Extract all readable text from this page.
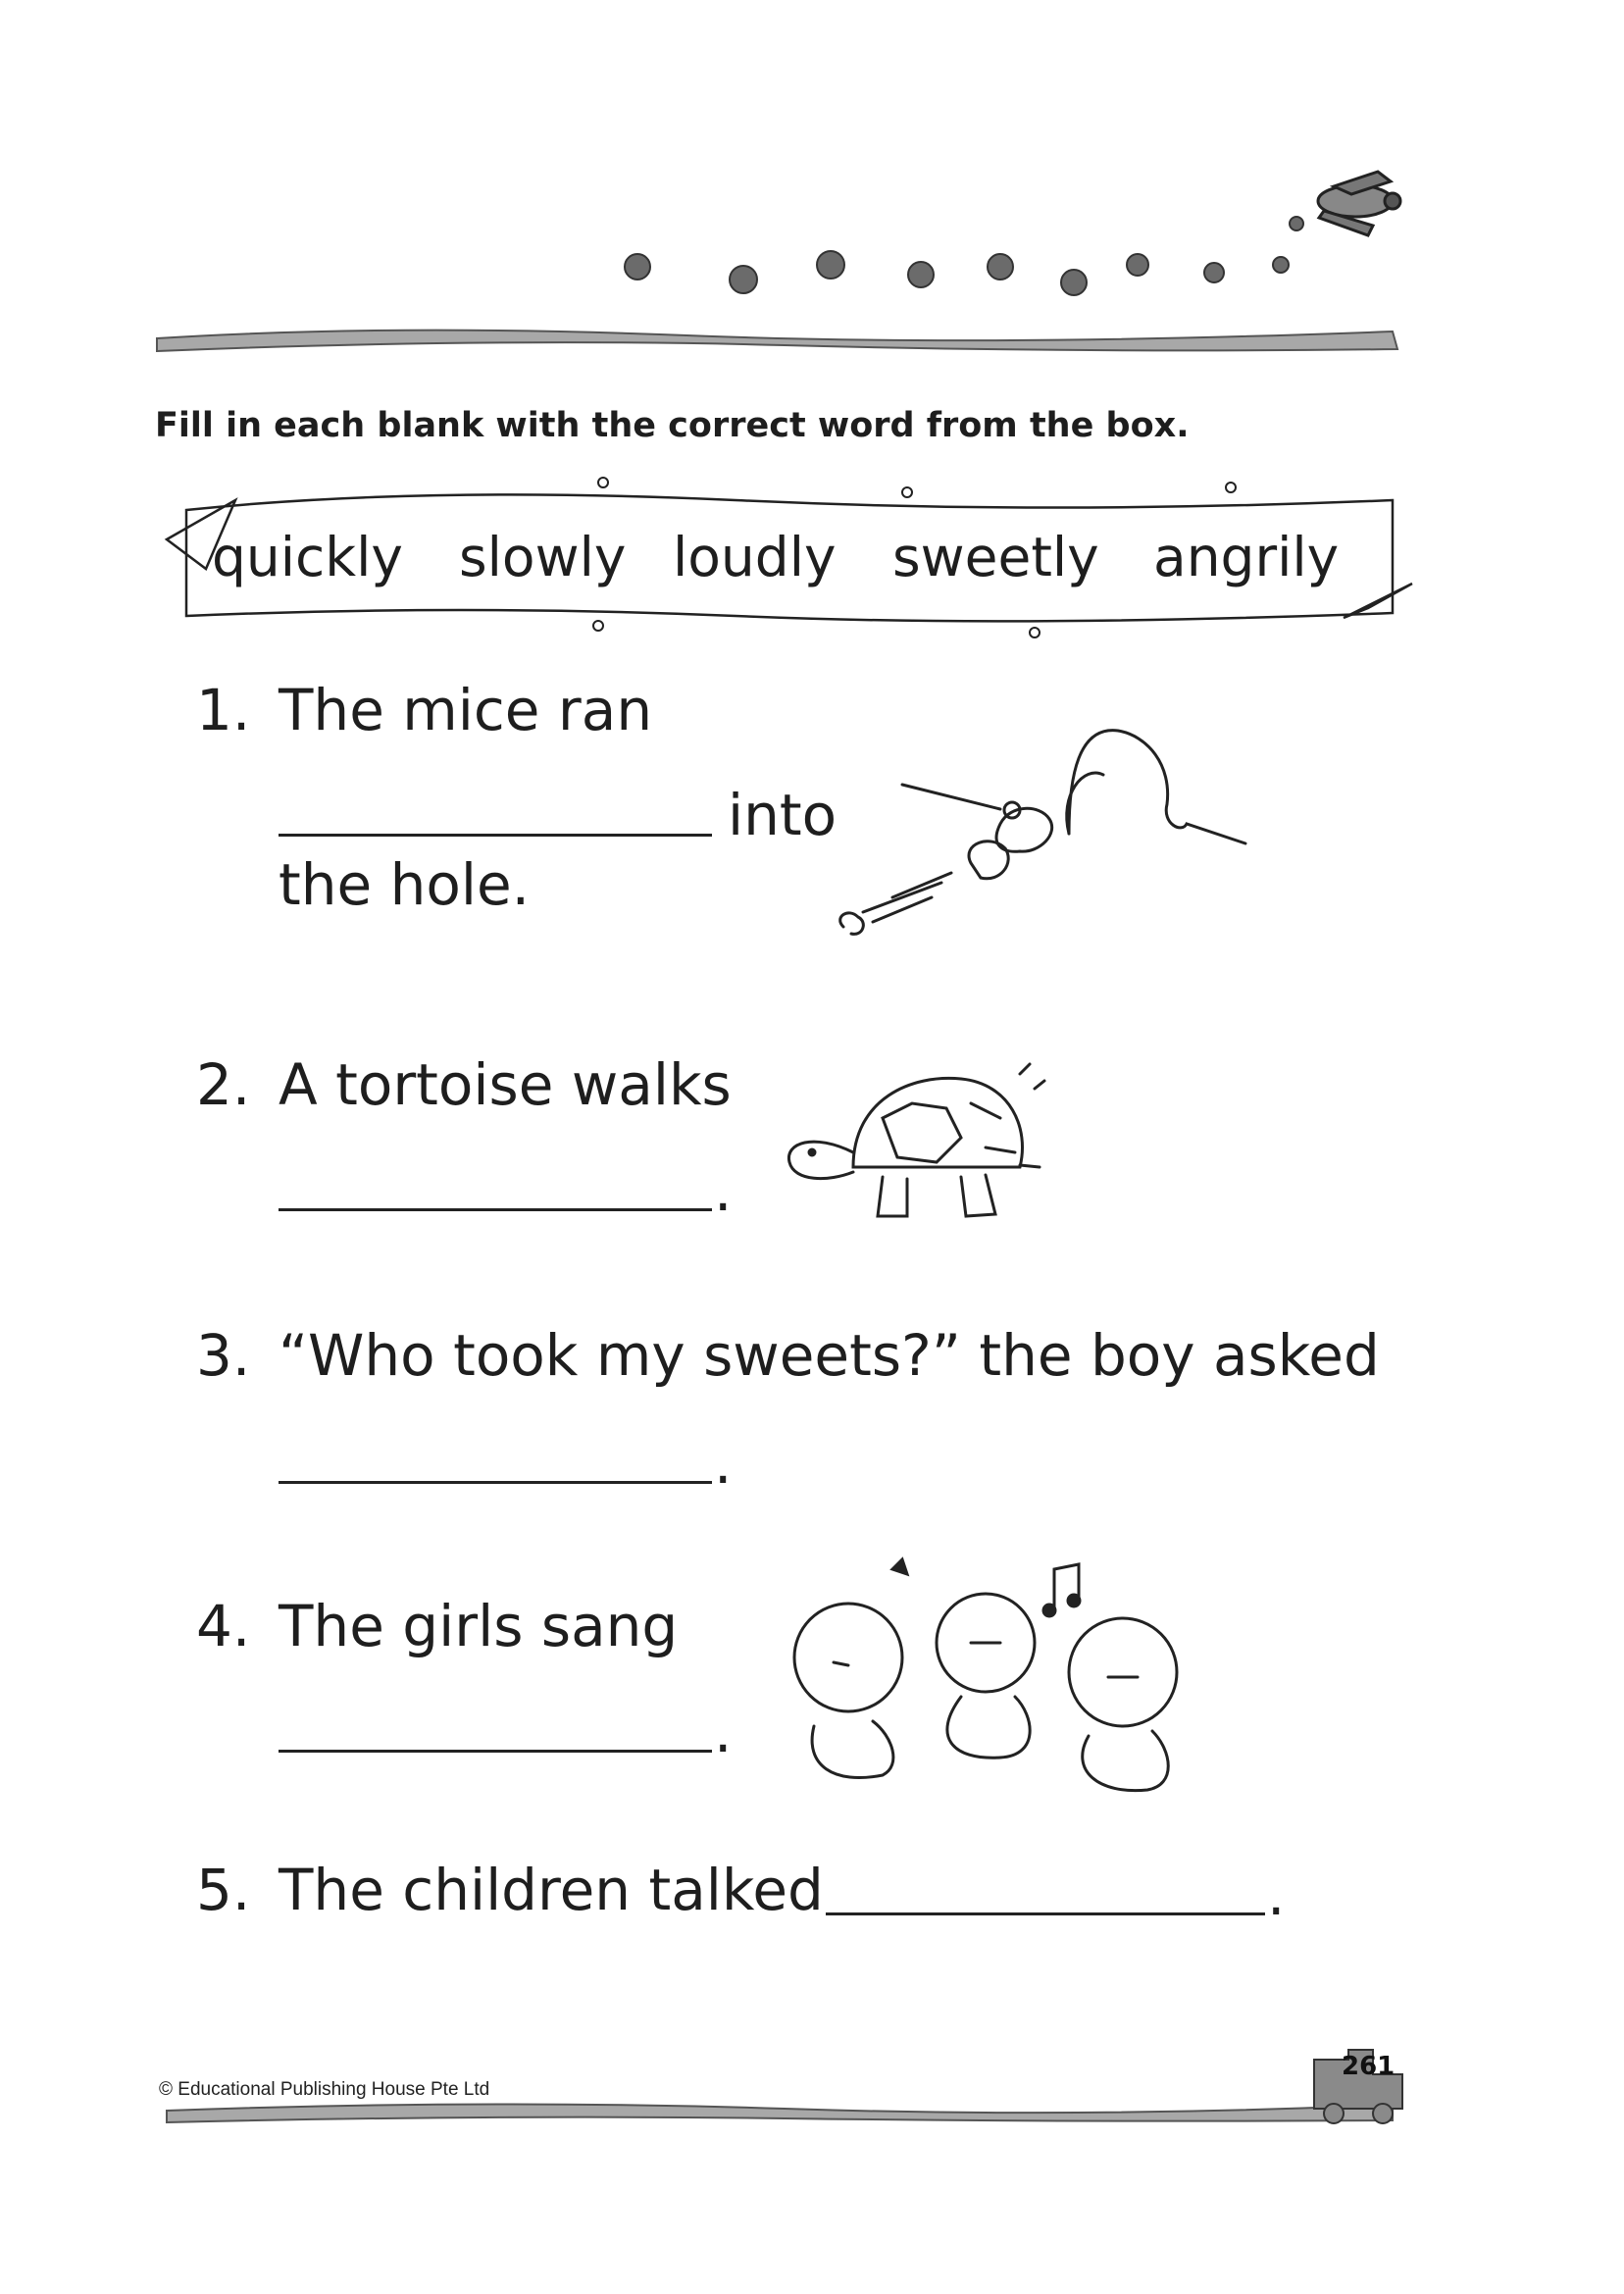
Fill in each blank with the correct word from the box.
quickly slowly loudly sweetly angrily
1. The mice ran
into
the hole.
2. A tortoise walks
.
3. “Who took my sweets?” the boy asked
.
4. The girls sang
.
5. The children talked	.
© Educational Publishing House Pte Ltd
261
